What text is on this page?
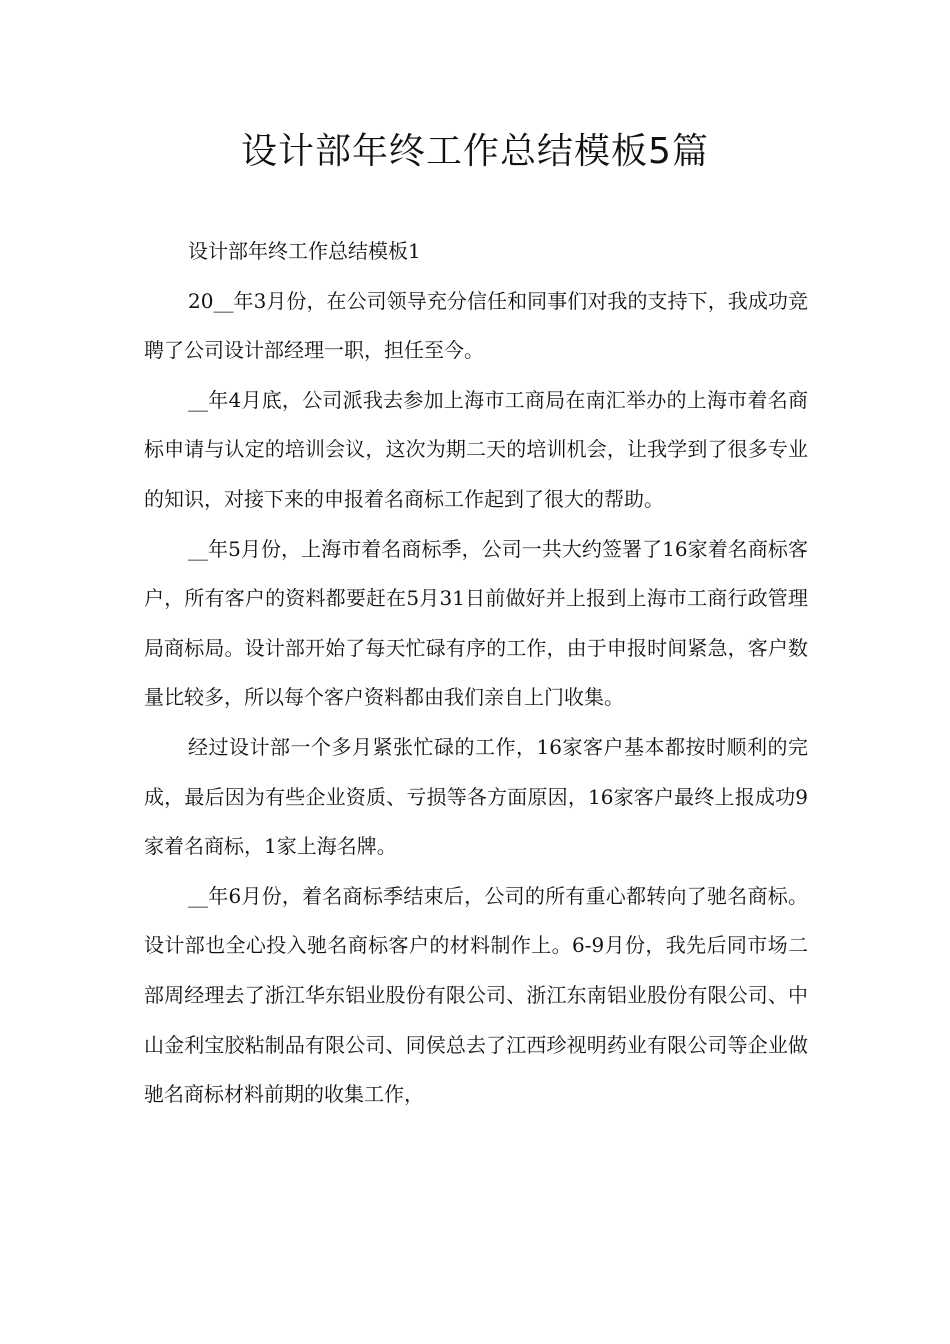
设计部年终工作总结模板5篇

设计部年终工作总结模板1

20__年3月份，在公司领导充分信任和同事们对我的支持下，我成功竞聘了公司设计部经理一职，担任至今。

__年4月底，公司派我去参加上海市工商局在南汇举办的上海市着名商标申请与认定的培训会议，这次为期二天的培训机会，让我学到了很多专业的知识，对接下来的申报着名商标工作起到了很大的帮助。

__年5月份，上海市着名商标季，公司一共大约签署了16家着名商标客户，所有客户的资料都要赶在5月31日前做好并上报到上海市工商行政管理局商标局。设计部开始了每天忙碌有序的工作，由于申报时间紧急，客户数量比较多，所以每个客户资料都由我们亲自上门收集。

经过设计部一个多月紧张忙碌的工作，16家客户基本都按时顺利的完成，最后因为有些企业资质、亏损等各方面原因，16家客户最终上报成功9家着名商标，1家上海名牌。

__年6月份，着名商标季结束后，公司的所有重心都转向了驰名商标。设计部也全心投入驰名商标客户的材料制作上。6-9月份，我先后同市场二部周经理去了浙江华东铝业股份有限公司、浙江东南铝业股份有限公司、中山金利宝胶粘制品有限公司、同侯总去了江西珍视明药业有限公司等企业做驰名商标材料前期的收集工作，
